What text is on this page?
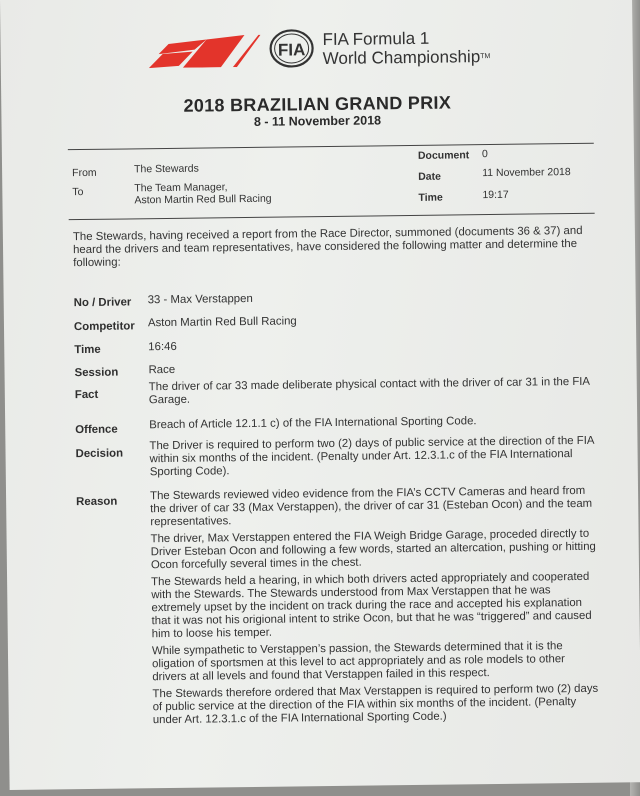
FIA
FIA Formula 1
World Championship™
2018 BRAZILIAN GRAND PRIX
8 - 11 November 2018
From	The Stewards
To	The Team Manager,
Aston Martin Red Bull Racing
Document 0
Date	11 November 2018
Time	19:17
The Stewards, having received a report from the Race Director, summoned (documents 36 & 37) and heard the drivers and team representatives, have considered the following matter and determine the following:
No / Driver 33 - Max Verstappen
Competitor Aston Martin Red Bull Racing
Time	16:46
Session	Race
Fact
The driver of car 33 made deliberate physical contact with the driver of car 31 in the FIA Garage.
Offence	Breach of Article 12.1.1 c) of the FIA International Sporting Code.
Decision
The Driver is required to perform two (2) days of public service at the direction of the FIA within six months of the incident. (Penalty under Art. 12.3.1.c of the FIA International Sporting Code).
Reason	The Stewards reviewed video evidence from the FIA’s CCTV Cameras and heard from the driver of car 33 (Max Verstappen), the driver of car 31 (Esteban Ocon) and the team representatives.

The driver, Max Verstappen entered the FIA Weigh Bridge Garage, proceded directly to Driver Esteban Ocon and following a few words, started an altercation, pushing or hitting Ocon forcefully several times in the chest.

The Stewards held a hearing, in which both drivers acted appropriately and cooperated with the Stewards. The Stewards understood from Max Verstappen that he was extremely upset by the incident on track during the race and accepted his explanation that it was not his origional intent to strike Ocon, but that he was “triggered” and caused him to loose his temper.

While sympathetic to Verstappen’s passion, the Stewards determined that it is the oligation of sportsmen at this level to act appropriately and as role models to other drivers at all levels and found that Verstappen failed in this respect.

The Stewards therefore ordered that Max Verstappen is required to perform two (2) days of public service at the direction of the FIA within six months of the incident. (Penalty under Art. 12.3.1.c of the FIA International Sporting Code.)
